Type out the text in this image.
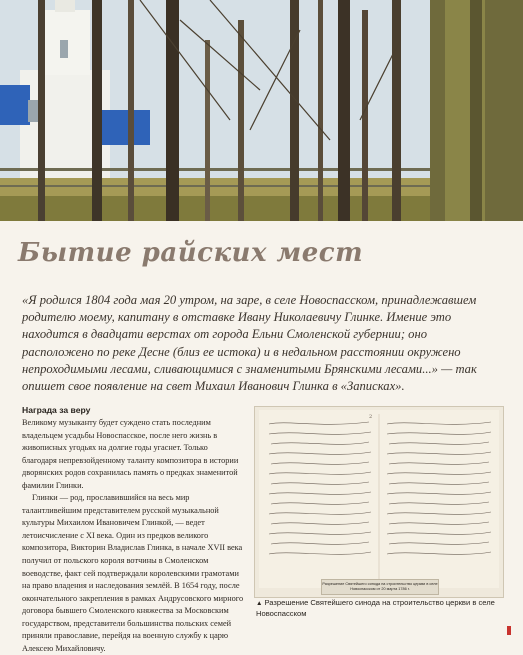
Бытие райских мест

«Я родился 1804 года мая 20 утром, на заре, в селе Новоспасском, принадлежавшем родителю моему, капитану в отставке Ивану Николаевичу Глинке. Имение это находится в двадцати верстах от города Ельни Смоленской губернии; оно расположено по реке Десне (близ ее истока) и в недальном расстоянии окружено непроходимыми лесами, сливающимися с знаменитыми Брянскими лесами...» — так опишет свое появление на свет Михаил Иванович Глинка в «Записках».

Награда за веру

Великому музыканту будет суждено стать последним владельцем усадьбы Новоспасское, после него жизнь в живописных угодьях на долгие годы угаснет. Только благодаря непревзойденному таланту композитора в истории дворянских родов сохранилась память о предках знаменитой фамилии Глинки.

Глинки — род, прославившийся на весь мир талантливейшим представителем русской музыкальной культуры Михаилом Ивановичем Глинкой, — ведет летоисчисление с XI века. Один из предков великого композитора, Викторин Владислав Глинка, в начале XVII века получил от польского короля вотчины в Смоленском воеводстве, факт сей подтверждали королевскими грамотами на право владения и наследования землёй. В 1654 году, после окончательного закрепления в рамках Андрусовского мирного договора бывшего Смоленского княжества за Московским государством, представители большинства польских семей приняли православие, перейдя на военную службу к царю Алексею Михайловичу.

2
Разрешение Святейшего синода на строительство церкви в селе Новоспасском от 20 марта 1786 г.

▲ Разрешение Святейшего синода на строительство церкви в селе Новоспасском
